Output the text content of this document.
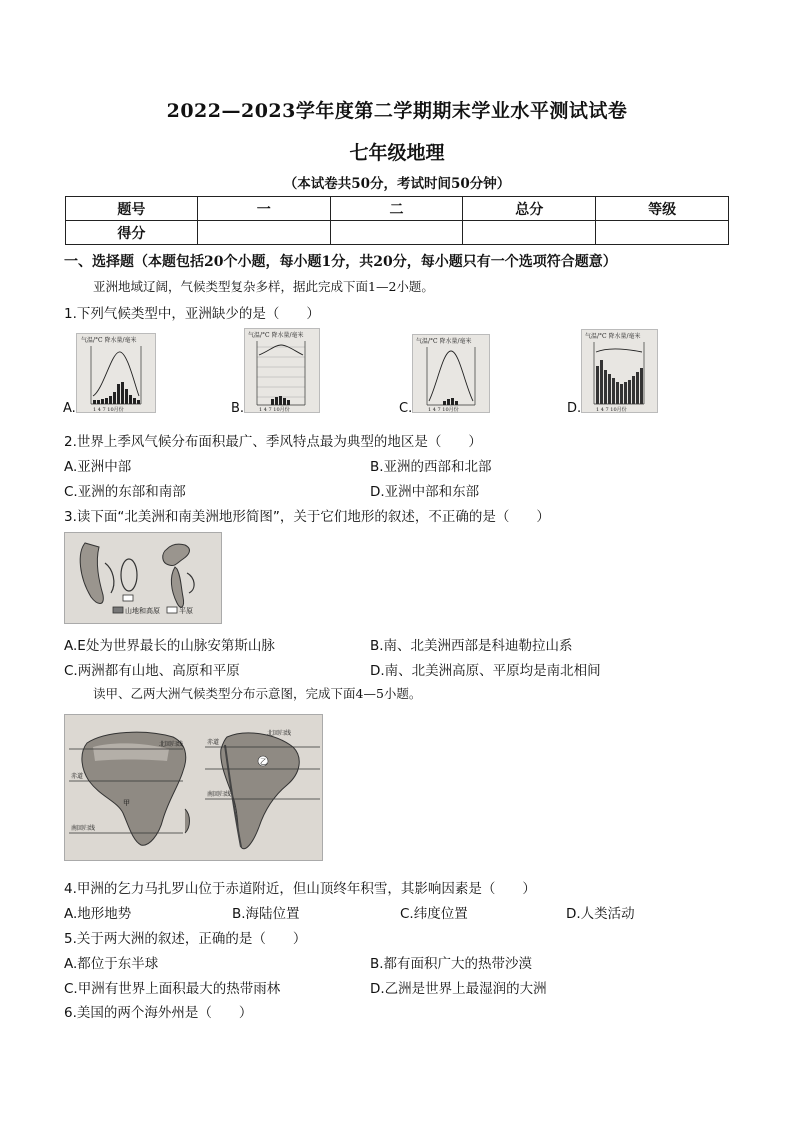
2022—2023学年度第二学期期末学业水平测试试卷
七年级地理
（本试卷共50分，考试时间50分钟）
题号	一	二	总分	等级
得分				
一、选择题（本题包括20个小题，每小题1分，共20分，每小题只有一个选项符合题意）
亚洲地域辽阔，气候类型复杂多样，据此完成下面1—2小题。
1.下列气候类型中，亚洲缺少的是（　　）
A.
气温/°C 降水量/毫米
1 4 7 10月份	B.
气温/°C 降水量/毫米
1 4 7 10月份	C.
气温/°C 降水量/毫米
1 4 7 10月份	D.
气温/°C 降水量/毫米
1 4 7 10月份
2.世界上季风气候分布面积最广、季风特点最为典型的地区是（　　）
A.亚洲中部	B.亚洲的西部和北部
C.亚洲的东部和南部	D.亚洲中部和东部
3.读下面“北美洲和南美洲地形简图”，关于它们地形的叙述，不正确的是（　　）
山地和高原	平原
A.E处为世界最长的山脉安第斯山脉	B.南、北美洲西部是科迪勒拉山系
C.两洲都有山地、高原和平原	D.南、北美洲高原、平原均是南北相间
读甲、乙两大洲气候类型分布示意图，完成下面4—5小题。
北回归线
赤道
南回归线
甲
赤道
南回归线
北回归线
乙
4.甲洲的乞力马扎罗山位于赤道附近，但山顶终年积雪，其影响因素是（　　）
A.地形地势	B.海陆位置	C.纬度位置	D.人类活动
5.关于两大洲的叙述，正确的是（　　）
A.都位于东半球	B.都有面积广大的热带沙漠
C.甲洲有世界上面积最大的热带雨林	D.乙洲是世界上最湿润的大洲
6.美国的两个海外州是（　　）
